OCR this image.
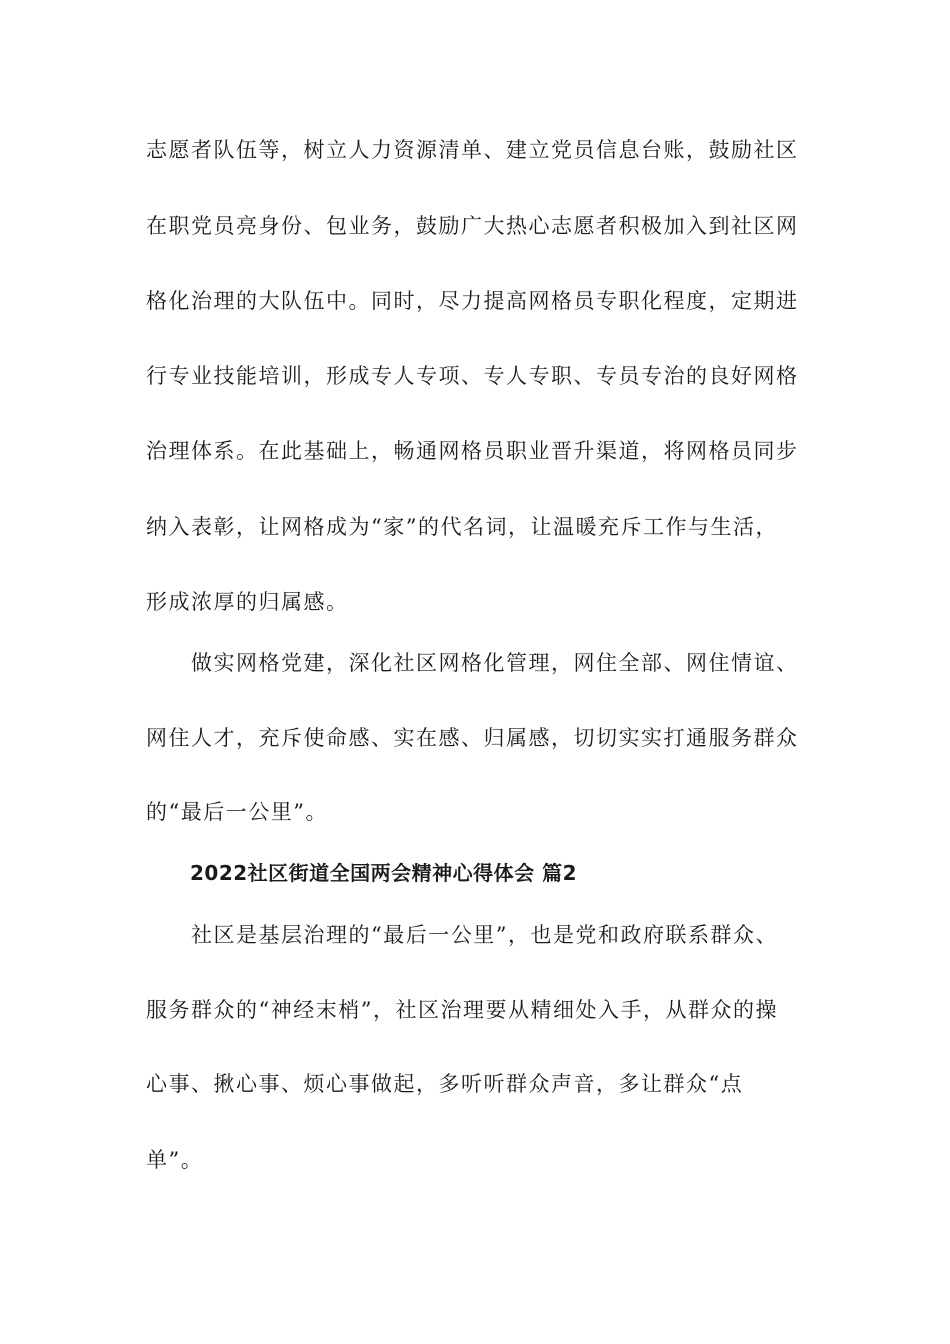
志愿者队伍等，树立人力资源清单、建立党员信息台账，鼓励社区
在职党员亮身份、包业务，鼓励广大热心志愿者积极加入到社区网
格化治理的大队伍中。同时，尽力提高网格员专职化程度，定期进
行专业技能培训，形成专人专项、专人专职、专员专治的良好网格
治理体系。在此基础上，畅通网格员职业晋升渠道，将网格员同步
纳入表彰，让网格成为“家”的代名词，让温暖充斥工作与生活，
形成浓厚的归属感。
　　做实网格党建，深化社区网格化管理，网住全部、网住情谊、
网住人才，充斥使命感、实在感、归属感，切切实实打通服务群众
的“最后一公里”。
2022社区街道全国两会精神心得体会 篇2
　　社区是基层治理的“最后一公里”，也是党和政府联系群众、
服务群众的“神经末梢”，社区治理要从精细处入手，从群众的操
心事、揪心事、烦心事做起，多听听群众声音，多让群众“点
单”。
